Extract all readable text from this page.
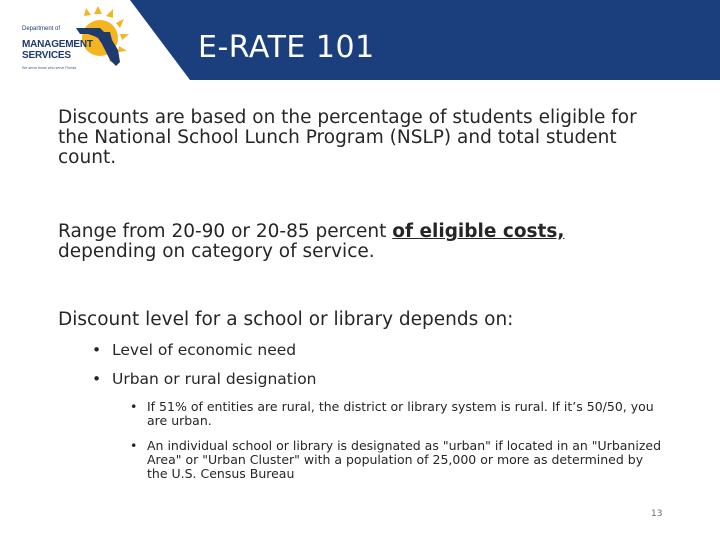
Department of
MANAGEMENT
SERVICES
We serve those who serve Florida
E-RATE 101
Discounts are based on the percentage of students eligible for the National School Lunch Program (NSLP) and total student count.
Range from 20-90 or 20-85 percent of eligible costs, depending on category of service.
Discount level for a school or library depends on:
• Level of economic need
• Urban or rural designation
• If 51% of entities are rural, the district or library system is rural. If it’s 50/50, you are urban.
• An individual school or library is designated as "urban" if located in an "Urbanized Area" or "Urban Cluster" with a population of 25,000 or more as determined by the U.S. Census Bureau
13
